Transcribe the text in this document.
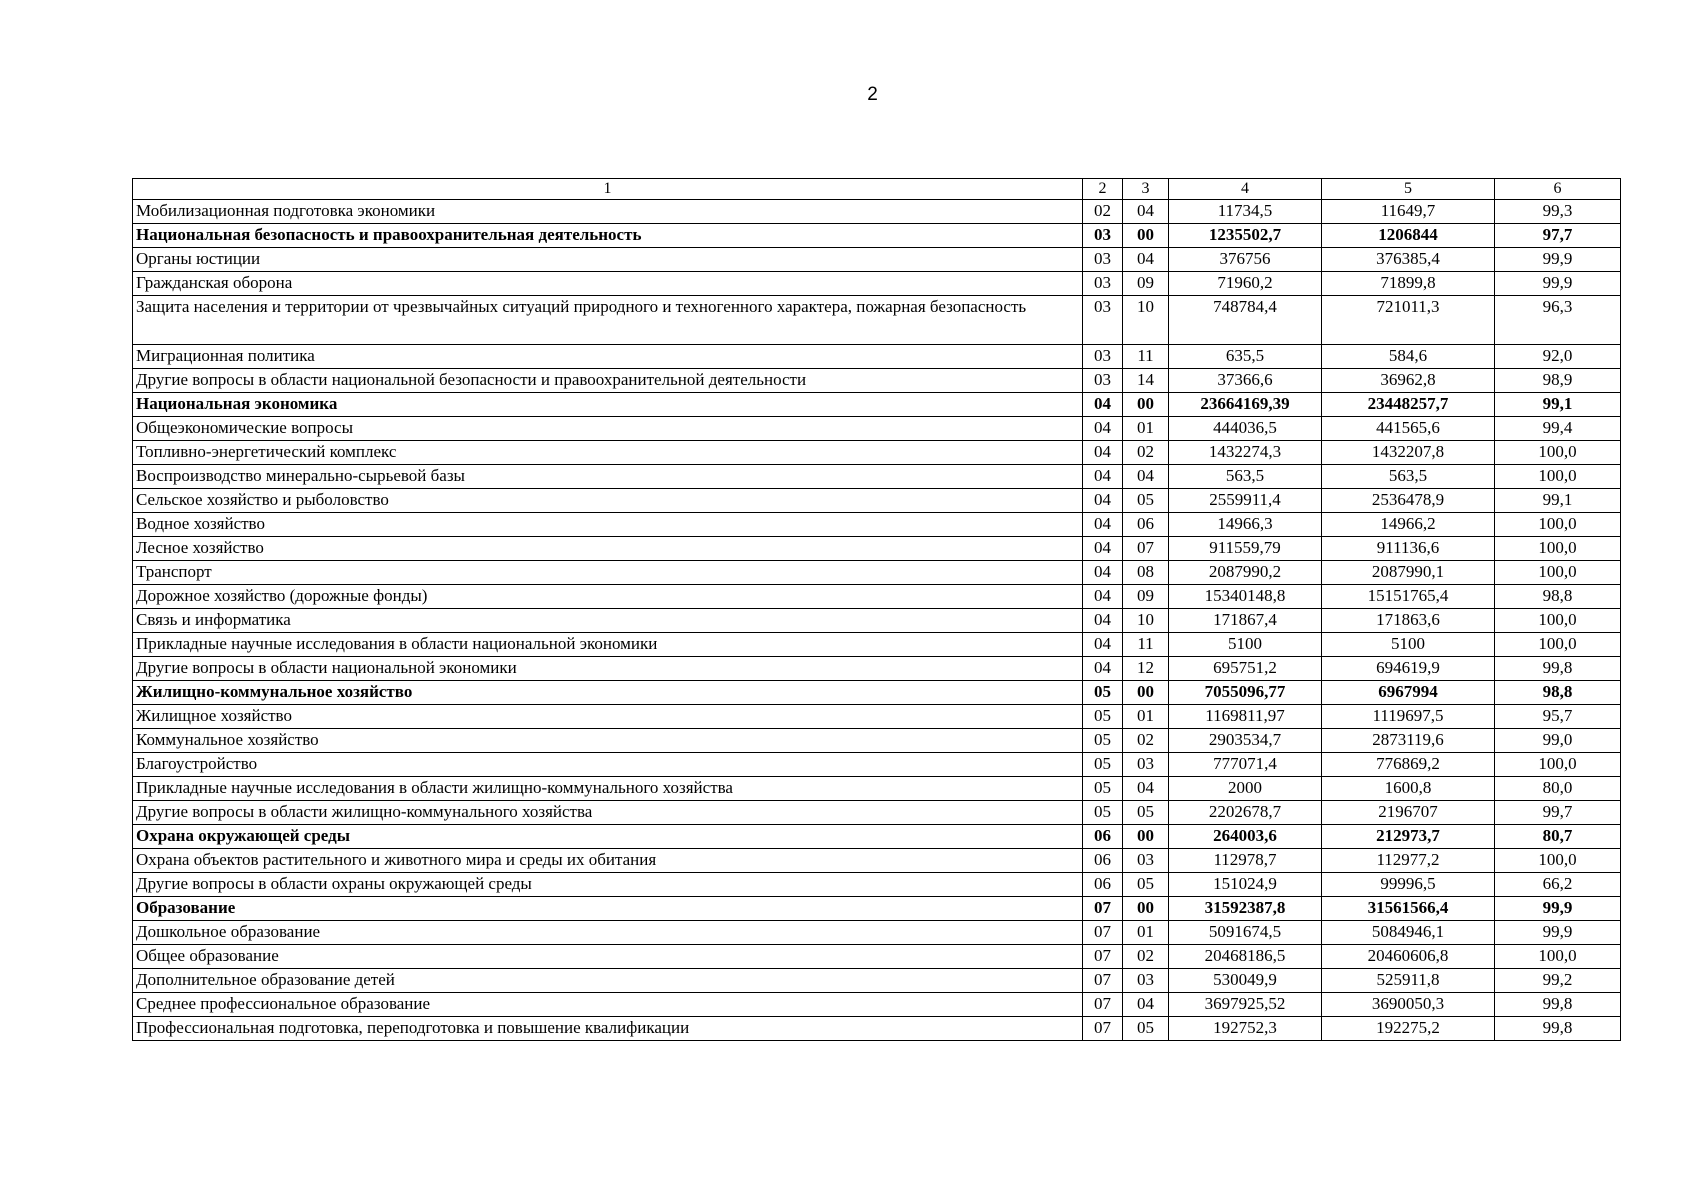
2
1	2	3	4	5	6
Мобилизационная подготовка экономики	02	04	11734,5	11649,7	99,3
Национальная безопасность и правоохранительная деятельность	03	00	1235502,7	1206844	97,7
Органы юстиции	03	04	376756	376385,4	99,9
Гражданская оборона	03	09	71960,2	71899,8	99,9
Защита населения и территории от чрезвычайных ситуаций природного и техногенного характера, пожарная безопасность	03	10	748784,4	721011,3	96,3
Миграционная политика	03	11	635,5	584,6	92,0
Другие вопросы в области национальной безопасности и правоохранительной деятельности	03	14	37366,6	36962,8	98,9
Национальная экономика	04	00	23664169,39	23448257,7	99,1
Общеэкономические вопросы	04	01	444036,5	441565,6	99,4
Топливно-энергетический комплекс	04	02	1432274,3	1432207,8	100,0
Воспроизводство минерально-сырьевой базы	04	04	563,5	563,5	100,0
Сельское хозяйство и рыболовство	04	05	2559911,4	2536478,9	99,1
Водное хозяйство	04	06	14966,3	14966,2	100,0
Лесное хозяйство	04	07	911559,79	911136,6	100,0
Транспорт	04	08	2087990,2	2087990,1	100,0
Дорожное хозяйство (дорожные фонды)	04	09	15340148,8	15151765,4	98,8
Связь и информатика	04	10	171867,4	171863,6	100,0
Прикладные научные исследования в области национальной экономики	04	11	5100	5100	100,0
Другие вопросы в области национальной экономики	04	12	695751,2	694619,9	99,8
Жилищно-коммунальное хозяйство	05	00	7055096,77	6967994	98,8
Жилищное хозяйство	05	01	1169811,97	1119697,5	95,7
Коммунальное хозяйство	05	02	2903534,7	2873119,6	99,0
Благоустройство	05	03	777071,4	776869,2	100,0
Прикладные научные исследования в области жилищно-коммунального хозяйства	05	04	2000	1600,8	80,0
Другие вопросы в области жилищно-коммунального хозяйства	05	05	2202678,7	2196707	99,7
Охрана окружающей среды	06	00	264003,6	212973,7	80,7
Охрана объектов растительного и животного мира и среды их обитания	06	03	112978,7	112977,2	100,0
Другие вопросы в области охраны окружающей среды	06	05	151024,9	99996,5	66,2
Образование	07	00	31592387,8	31561566,4	99,9
Дошкольное образование	07	01	5091674,5	5084946,1	99,9
Общее образование	07	02	20468186,5	20460606,8	100,0
Дополнительное образование детей	07	03	530049,9	525911,8	99,2
Среднее профессиональное образование	07	04	3697925,52	3690050,3	99,8
Профессиональная подготовка, переподготовка и повышение квалификации	07	05	192752,3	192275,2	99,8
